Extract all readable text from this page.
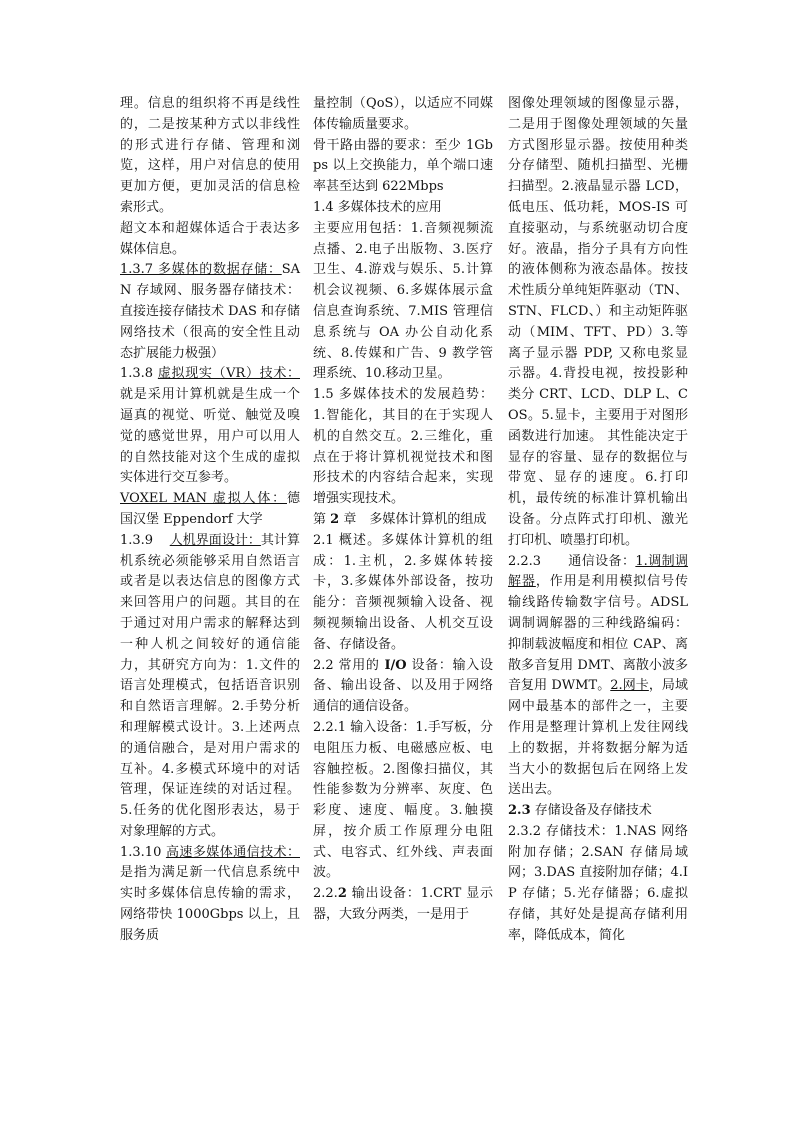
理。信息的组织将不再是线性的，二是按某种方式以非线性的形式进行存储、管理和浏览，这样，用户对信息的使用更加方便，更加灵活的信息检索形式。

超文本和超媒体适合于表达多媒体信息。

1.3.7 多媒体的数据存储：SAN 存域网、服务器存储技术：直接连接存储技术 DAS 和存储网络技术（很高的安全性且动态扩展能力极强）

1.3.8 虚拟现实（VR）技术：就是采用计算机就是生成一个逼真的视觉、听觉、触觉及嗅觉的感觉世界，用户可以用人的自然技能对这个生成的虚拟实体进行交互参考。

VOXEL MAN 虚拟人体：德国汉堡 Eppendorf 大学

1.3.9    人机界面设计：其计算机系统必须能够采用自然语言或者是以表达信息的图像方式来回答用户的问题。其目的在于通过对用户需求的解释达到一种人机之间较好的通信能力，其研究方向为：1.文件的语言处理模式，包括语音识别和自然语言理解。2.手势分析和理解模式设计。3.上述两点的通信融合，是对用户需求的互补。4.多模式环境中的对话管理，保证连续的对话过程。5.任务的优化图形表达，易于对象理解的方式。

1.3.10 高速多媒体通信技术：是指为满足新一代信息系统中实时多媒体信息传输的需求，网络带快 1000Gbps 以上，且服务质

量控制（QoS），以适应不同媒体传输质量要求。

骨干路由器的要求：至少 1Gbps 以上交换能力，单个端口速率甚至达到 622Mbps

1.4 多媒体技术的应用

主要应用包括：1.音频视频流点播、2.电子出版物、3.医疗卫生、4.游戏与娱乐、5.计算机会议视频、6.多媒体展示盒信息查询系统、7.MIS 管理信息系统与 OA 办公自动化系统、8.传媒和广告、9 教学管理系统、10.移动卫星。

1.5 多媒体技术的发展趋势：1.智能化，其目的在于实现人机的自然交互。2.三维化，重点在于将计算机视觉技术和图形技术的内容结合起来，实现增强实现技术。

第 2 章　多媒体计算机的组成

2.1 概述。多媒体计算机的组成：1.主机，2.多媒体转接卡，3.多媒体外部设备，按功能分：音频视频输入设备、视频视频输出设备、人机交互设备、存储设备。

2.2 常用的 I/O 设备：输入设备、输出设备、以及用于网络通信的通信设备。

2.2.1 输入设备：1.手写板，分电阻压力板、电磁感应板、电容触控板。2.图像扫描仪，其性能参数为分辨率、灰度、色彩度、速度、幅度。3.触摸屏，按介质工作原理分电阻式、电容式、红外线、声表面波。

2.2.2 输出设备：1.CRT 显示器，大致分两类，一是用于

图像处理领域的图像显示器，二是用于图像处理领域的矢量方式图形显示器。按使用种类分存储型、随机扫描型、光栅扫描型。2.液晶显示器 LCD，低电压、低功耗，MOS-IS 可直接驱动，与系统驱动切合度好。液晶，指分子具有方向性的液体侧称为液态晶体。按技术性质分单纯矩阵驱动（TN、STN、FLCD、）和主动矩阵驱动（MIM、TFT、PD）3.等离子显示器 PDP, 又称电浆显示器。4.背投电视，按投影种类分 CRT、LCD、DLP L、COS。5.显卡，主要用于对图形函数进行加速。 其性能决定于显存的容量、显存的数据位与带宽、显存的速度。6.打印机，最传统的标准计算机输出设备。分点阵式打印机、激光打印机、喷墨打印机。

2.2.3　　通信设备：1.调制调解器，作用是利用模拟信号传输线路传输数字信号。ADSL 调制调解器的三种线路编码：抑制载波幅度和相位 CAP、离散多音复用 DMT、离散小波多音复用 DWMT。2.网卡，局域网中最基本的部件之一，主要作用是整理计算机上发往网线上的数据，并将数据分解为适当大小的数据包后在网络上发送出去。

2.3 存储设备及存储技术

2.3.2 存储技术：1.NAS 网络附加存储；2.SAN 存储局域网；3.DAS 直接附加存储；4.IP 存储；5.光存储器；6.虚拟存储，其好处是提高存储利用率，降低成本，简化
